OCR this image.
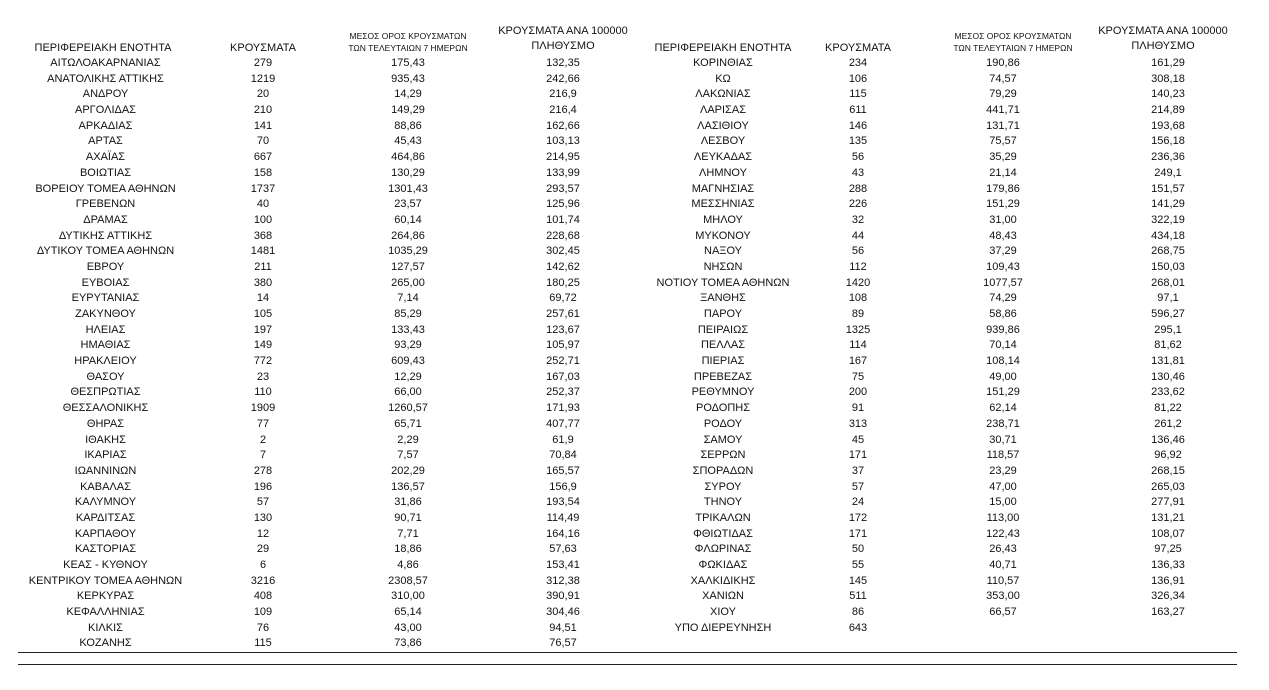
ΠΕΡΙΦΕΡΕΙΑΚΗ ΕΝΟΤΗΤΑ	ΚΡΟΥΣΜΑΤΑ
ΜΕΣΟΣ ΟΡΟΣ ΚΡΟΥΣΜΑΤΩΝ
ΤΩΝ ΤΕΛΕΥΤΑΙΩΝ 7 ΗΜΕΡΩΝ
ΚΡΟΥΣΜΑΤΑ ΑΝΑ 100000
ΠΛΗΘΥΣΜΟ
ΑΙΤΩΛΟΑΚΑΡΝΑΝΙΑΣ	279	175,43	132,35
ΑΝΑΤΟΛΙΚΗΣ ΑΤΤΙΚΗΣ	1219	935,43	242,66
ΑΝΔΡΟΥ	20	14,29	216,9
ΑΡΓΟΛΙΔΑΣ	210	149,29	216,4
ΑΡΚΑΔΙΑΣ	141	88,86	162,66
ΑΡΤΑΣ	70	45,43	103,13
ΑΧΑΪΑΣ	667	464,86	214,95
ΒΟΙΩΤΙΑΣ	158	130,29	133,99
ΒΟΡΕΙΟΥ ΤΟΜΕΑ ΑΘΗΝΩΝ	1737	1301,43	293,57
ΓΡΕΒΕΝΩΝ	40	23,57	125,96
ΔΡΑΜΑΣ	100	60,14	101,74
ΔΥΤΙΚΗΣ ΑΤΤΙΚΗΣ	368	264,86	228,68
ΔΥΤΙΚΟΥ ΤΟΜΕΑ ΑΘΗΝΩΝ	1481	1035,29	302,45
ΕΒΡΟΥ	211	127,57	142,62
ΕΥΒΟΙΑΣ	380	265,00	180,25
ΕΥΡΥΤΑΝΙΑΣ	14	7,14	69,72
ΖΑΚΥΝΘΟΥ	105	85,29	257,61
ΗΛΕΙΑΣ	197	133,43	123,67
ΗΜΑΘΙΑΣ	149	93,29	105,97
ΗΡΑΚΛΕΙΟΥ	772	609,43	252,71
ΘΑΣΟΥ	23	12,29	167,03
ΘΕΣΠΡΩΤΙΑΣ	110	66,00	252,37
ΘΕΣΣΑΛΟΝΙΚΗΣ	1909	1260,57	171,93
ΘΗΡΑΣ	77	65,71	407,77
ΙΘΑΚΗΣ	2	2,29	61,9
ΙΚΑΡΙΑΣ	7	7,57	70,84
ΙΩΑΝΝΙΝΩΝ	278	202,29	165,57
ΚΑΒΑΛΑΣ	196	136,57	156,9
ΚΑΛΥΜΝΟΥ	57	31,86	193,54
ΚΑΡΔΙΤΣΑΣ	130	90,71	114,49
ΚΑΡΠΑΘΟΥ	12	7,71	164,16
ΚΑΣΤΟΡΙΑΣ	29	18,86	57,63
ΚΕΑΣ - ΚΥΘΝΟΥ	6	4,86	153,41
ΚΕΝΤΡΙΚΟΥ ΤΟΜΕΑ ΑΘΗΝΩΝ	3216	2308,57	312,38
ΚΕΡΚΥΡΑΣ	408	310,00	390,91
ΚΕΦΑΛΛΗΝΙΑΣ	109	65,14	304,46
ΚΙΛΚΙΣ	76	43,00	94,51
ΚΟΖΑΝΗΣ	115	73,86	76,57
ΠΕΡΙΦΕΡΕΙΑΚΗ ΕΝΟΤΗΤΑ	ΚΡΟΥΣΜΑΤΑ
ΜΕΣΟΣ ΟΡΟΣ ΚΡΟΥΣΜΑΤΩΝ
ΤΩΝ ΤΕΛΕΥΤΑΙΩΝ 7 ΗΜΕΡΩΝ
ΚΡΟΥΣΜΑΤΑ ΑΝΑ 100000
ΠΛΗΘΥΣΜΟ
ΚΟΡΙΝΘΙΑΣ	234	190,86	161,29
ΚΩ	106	74,57	308,18
ΛΑΚΩΝΙΑΣ	115	79,29	140,23
ΛΑΡΙΣΑΣ	611	441,71	214,89
ΛΑΣΙΘΙΟΥ	146	131,71	193,68
ΛΕΣΒΟΥ	135	75,57	156,18
ΛΕΥΚΑΔΑΣ	56	35,29	236,36
ΛΗΜΝΟΥ	43	21,14	249,1
ΜΑΓΝΗΣΙΑΣ	288	179,86	151,57
ΜΕΣΣΗΝΙΑΣ	226	151,29	141,29
ΜΗΛΟΥ	32	31,00	322,19
ΜΥΚΟΝΟΥ	44	48,43	434,18
ΝΑΞΟΥ	56	37,29	268,75
ΝΗΣΩΝ	112	109,43	150,03
ΝΟΤΙΟΥ ΤΟΜΕΑ ΑΘΗΝΩΝ	1420	1077,57	268,01
ΞΑΝΘΗΣ	108	74,29	97,1
ΠΑΡΟΥ	89	58,86	596,27
ΠΕΙΡΑΙΩΣ	1325	939,86	295,1
ΠΕΛΛΑΣ	114	70,14	81,62
ΠΙΕΡΙΑΣ	167	108,14	131,81
ΠΡΕΒΕΖΑΣ	75	49,00	130,46
ΡΕΘΥΜΝΟΥ	200	151,29	233,62
ΡΟΔΟΠΗΣ	91	62,14	81,22
ΡΟΔΟΥ	313	238,71	261,2
ΣΑΜΟΥ	45	30,71	136,46
ΣΕΡΡΩΝ	171	118,57	96,92
ΣΠΟΡΑΔΩΝ	37	23,29	268,15
ΣΥΡΟΥ	57	47,00	265,03
ΤΗΝΟΥ	24	15,00	277,91
ΤΡΙΚΑΛΩΝ	172	113,00	131,21
ΦΘΙΩΤΙΔΑΣ	171	122,43	108,07
ΦΛΩΡΙΝΑΣ	50	26,43	97,25
ΦΩΚΙΔΑΣ	55	40,71	136,33
ΧΑΛΚΙΔΙΚΗΣ	145	110,57	136,91
ΧΑΝΙΩΝ	511	353,00	326,34
ΧΙΟΥ	86	66,57	163,27
ΥΠΟ ΔΙΕΡΕΥΝΗΣΗ	643
